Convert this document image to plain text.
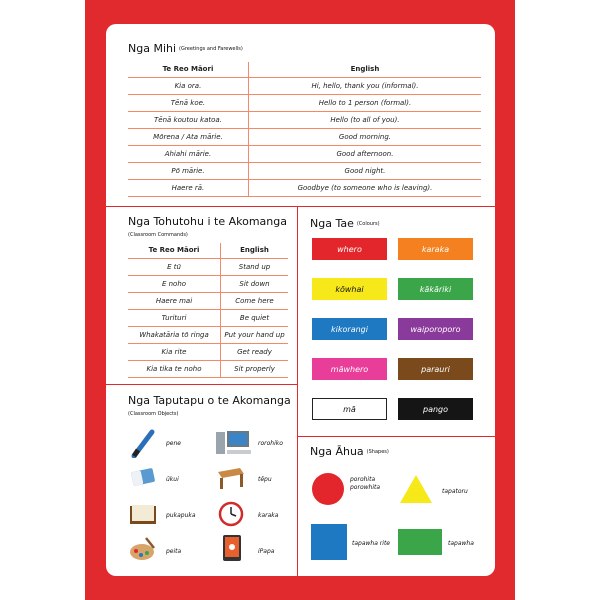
Nga Mihi (Greetings and Farewells)
Te Reo Māori	English
Kia ora.	Hi, hello, thank you (informal).
Tēnā koe.	Hello to 1 person (formal).
Tēnā koutou katoa.	Hello (to all of you).
Mōrena / Ata mārie.	Good morning.
Ahiahi mārie.	Good afternoon.
Pō mārie.	Good night.
Haere rā.	Goodbye (to someone who is leaving).
Nga Tohutohu i te Akomanga
(Classroom Commands)
Te Reo Māori	English
E tū	Stand up
E noho	Sit down
Haere mai	Come here
Turituri	Be quiet
Whakatāria tō ringa	Put your hand up
Kia rite	Get ready
Kia tika te noho	Sit properly
Nga Tae (Colours)
whero	karaka
kōwhai	kākāriki
kikorangi	waiporoporo
māwhero	parauri
mā	pango
Nga Taputapu o te Akomanga
(Classroom Objects)
pene	rorohiko
ūkui	tēpu
pukapuka	karaka
peita	iPapa
Nga Āhua (Shapes)
porohita porowhita
tapatoru
tapawha rite	tapawha
